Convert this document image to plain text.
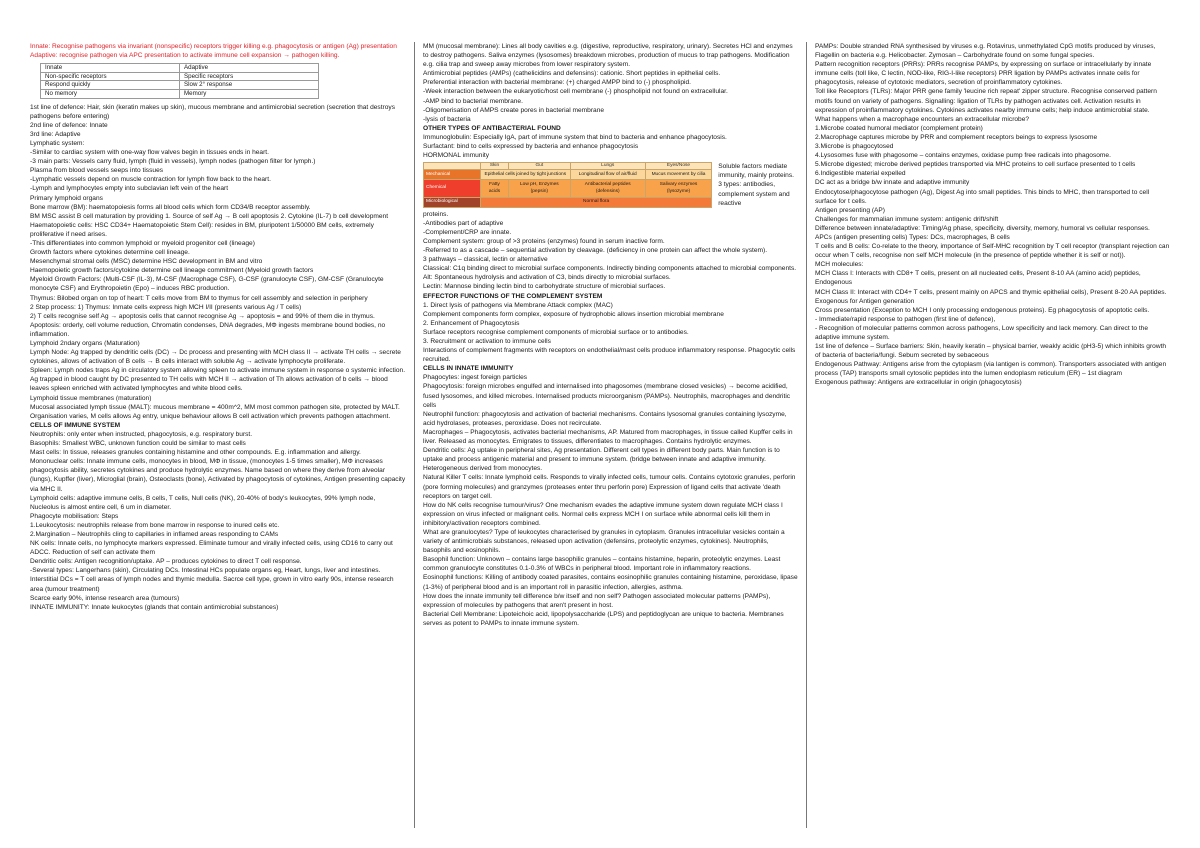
Innate: Recognise pathogens via invariant (nonspecific) receptors trigger killing e.g. phagocytosis or antigen (Ag) presentation

Adaptive: recognise pathogen via APC presentation to activate immune cell expansion → pathogen killing.

Innate	Adaptive
Non-specific receptors	Specific receptors
Respond quickly	Slow 2° response
No memory	Memory

1st line of defence: Hair, skin (keratin makes up skin), mucous membrane and antimicrobial secretion (secretion that destroys pathogens before entering)

2nd line of defence: Innate

3rd line: Adaptive

Lymphatic system:

-Similar to cardiac system with one-way flow valves begin in tissues ends in heart.

-3 main parts: Vessels carry fluid, lymph (fluid in vessels), lymph nodes (pathogen filter for lymph.)

Plasma from blood vessels seeps into tissues

-Lymphatic vessels depend on muscle contraction for lymph flow back to the heart.

-Lymph and lymphocytes empty into subclavian left vein of the heart

Primary lymphoid organs

Bone marrow (BM): haematopoiesis forms all blood cells which form CD34/B receptor assembly.

BM MSC assist B cell maturation by providing 1. Source of self Ag → B cell apoptosis 2. Cytokine (IL-7) b cell development

Haematopoietic cells: HSC CD34+ Haematopoietic Stem Cell): resides in BM, pluripotent 1/50000 BM cells, extremely proliferative if need arises.

-This differentiates into common lymphoid or myeloid progenitor cell (lineage)

Growth factors where cytokines determine cell lineage.

Mesenchymal stromal cells (MSC) determine HSC development in BM and vitro

Haemopoietic growth factors/cytokine determine cell lineage commitment (Myeloid growth factors

Myeloid Growth Factors: (Multi-CSF (IL-3), M-CSF (Macrophage CSF), G-CSF (granulocyte CSF), GM-CSF (Granulocyte monocyte CSF) and Erythropoietin (Epo) – induces RBC production.

Thymus: Bilobed organ on top of heart: T cells move from BM to thymus for cell assembly and selection in periphery

2 Step process: 1) Thymus: Inmate cells express high MCH I/II (presents various Ag / T cells)

2) T cells recognise self Ag → apoptosis cells that cannot recognise Ag → apoptosis = and 99% of them die in thymus.

Apoptosis: orderly, cell volume reduction, Chromatin condenses, DNA degrades, MΦ ingests membrane bound bodies, no inflammation.

Lymphoid 2ndary organs (Maturation)

Lymph Node: Ag trapped by dendritic cells (DC) → Dc process and presenting with MCH class II → activate TH cells → secrete cytokines, allows of activation of B cells → B cells interact with soluble Ag → activate lymphocyte proliferate.

Spleen: Lymph nodes traps Ag in circulatory system allowing spleen to activate immune system in response o systemic infection. Ag trapped in blood caught by DC presented to TH cells with MCH II → activation of Th allows activation of b cells → blood leaves spleen enriched with activated lymphocytes and white blood cells.

Lymphoid tissue membranes (maturation)

Mucosal associated lymph tissue (MALT): mucous membrane = 400m^2, MM most common pathogen site, protected by MALT. Organisation varies, M cells allows Ag entry, unique behaviour allows B cell activation which prevents pathogen attachment.

CELLS OF IMMUNE SYSTEM

Neutrophils: only enter when instructed, phagocytosis, e.g. respiratory burst.

Basophils: Smallest WBC, unknown function could be similar to mast cells

Mast cells: In tissue, releases granules containing histamine and other compounds. E.g. inflammation and allergy.

Mononuclear cells: Innate immune cells, monocytes in blood, MΦ in tissue, (monocytes 1-5 times smaller), MΦ increases phagocytosis ability, secretes cytokines and produce hydrolytic enzymes. Name based on where they derive from alveolar (lungs), Kupffer (liver), Microglial (brain), Osteoclasts (bone), Activated by phagocytosis of cytokines, Antigen presenting capacity via MHC II.

Lymphoid cells: adaptive immune cells, B cells, T cells, Null cells (NK), 20-40% of body's leukocytes, 99% lymph node, Nucleolus is almost entire cell, 6 um in diameter.

Phagocyte mobilisation: Steps

1.Leukocytosis: neutrophils release from bone marrow in response to inured cells etc.

2.Margination – Neutrophils cling to capillaries in inflamed areas responding to CAMs

NK cells: Innate cells, no lymphocyte markers expressed. Eliminate tumour and virally infected cells, using CD16 to carry out ADCC. Reduction of self can activate them

Dendritic cells: Antigen recognition/uptake. AP – produces cytokines to direct T cell response.

-Several types: Langerhans (skin), Circulating DCs. Intestinal HCs populate organs eg, Heart, lungs, liver and intestines. Interstitial DCs = T cell areas of lymph nodes and thymic medulla. Sacrce cell type, grown in vitro early 90s, intense research area (tumour treatment)

Scarce early 90%, intense research area (tumours)

INNATE IMMUNITY: Innate leukocytes (glands that contain antimicrobial substances)

MM (mucosal membrane): Lines all body cavities e.g. (digestive, reproductive, respiratory, urinary). Secretes HCl and enzymes to destroy pathogens. Saliva enzymes (lysosomes) breakdown microbes, production of mucus to trap pathogens. Modification e.g. cilia trap and sweep away microbes from lower respiratory system.

Antimicrobial peptides (AMPs) (cathelicidins and defensins): cationic. Short peptides in epithelial cells.

Preferential interaction with bacterial membrane: (+) charged AMPP bind to (-) phospholipid.

-Week interaction between the eukaryotic/host cell membrane (-) phospholipid not found on extracellular.

-AMP bind to bacterial membrane.

-Oligomerisation of AMPS create pores in bacterial membrane

-lysis of bacteria

OTHER TYPES OF ANTIBACTERIAL FOUND

Immunoglobulin: Especially IgA, part of immune system that bind to bacteria and enhance phagocytosis.

Surfactant: bind to cells expressed by bacteria and enhance phagocytosis

HORMONAL immunity

	Skin	Gut	Lungs	Eyes/Nose
Mechanical	Epithelial cells joined by tight junctions		Longitudinal flow of air/fluid	Mucus movement by cilia
Chemical	Fatty acids	Low pH, Enzymes (pepsin)	Antibacterial peptides (defensins)	Salivary enzymes (lysozyme)
Microbiological	Normal flora			
Soluble factors mediate immunity, mainly proteins. 3 types: antibodies, complement system and reactive

proteins.

-Antibodies part of adaptive

-Complement/CRP are innate.

Complement system: group of >3 proteins (enzymes) found in serum inactive form.

-Referred to as a cascade – sequential activation by cleavage. (deficiency in one protein can affect the whole system).

3 pathways – classical, lectin or alternative

Classical: C1q binding direct to microbial surface components. Indirectly binding components attached to microbial components.

Alt: Spontaneous hydrolysis and activation of C3, binds directly to microbial surfaces.

Lectin: Mannose binding lectin bind to carbohydrate structure of microbial surfaces.

EFFECTOR FUNCTIONS OF THE COMPLEMENT SYSTEM

1. Direct lysis of pathogens via Membrane Attack complex (MAC)

Complement components form complex, exposure of hydrophobic allows insertion microbial membrane

2. Enhancement of Phagocytosis

Surface receptors recognise complement components of microbial surface or to antibodies.

3. Recruitment or activation to immune cells

Interactions of complement fragments with receptors on endothelial/mast cells produce inflammatory response. Phagocytic cells recruited.

CELLS IN INNATE IMMUNITY

Phagocytes: ingest foreign particles

Phagocytosis: foreign microbes engulfed and internalised into phagosomes (membrane closed vesicles) → become acidified, fused lysosomes, and killed microbes. Internalised products microorganism (PAMPs). Neutrophils, macrophages and dendritic cells

Neutrophil function: phagocytosis and activation of bacterial mechanisms. Contains lysosomal granules containing lysozyme, acid hydrolases, proteases, peroxidase. Does not recirculate.

Macrophages – Phagocytosis, activates bacterial mechanisms, AP. Matured from macrophages, in tissue called Kupffer cells in liver. Released as monocytes. Emigrates to tissues, differentiates to macrophages. Contains hydrolytic enzymes.

Dendritic cells: Ag uptake in peripheral sites, Ag presentation. Different cell types in different body parts. Main function is to uptake and process antigenic material and present to immune system. (bridge between innate and adaptive immunity. Heterogeneous derived from monocytes.

Natural Killer T cells: Innate lymphoid cells. Responds to virally infected cells, tumour cells. Contains cytotoxic granules, perforin (pore forming molecules) and granzymes (proteases enter thru perforin pore) Expression of ligand cells that activate 'death receptors on target cell.

How do NK cells recognise tumour/virus? One mechanism evades the adaptive immune system down regulate MCH class I expression on virus infected or malignant cells. Normal cells express MCH I on surface while abnormal cells kill them in inhibitory/activation receptors combined.

What are granulocytes? Type of leukocytes characterised by granules in cytoplasm. Granules intracellular vesicles contain a variety of antimicrobials substances, released upon activation (defensins, proteolytic enzymes, cytokines). Neutrophils, basophils and eosinophils.

Basophil function: Unknown – contains large basophilic granules – contains histamine, heparin, proteolytic enzymes. Least common granulocyte constitutes 0.1-0.3% of WBCs in peripheral blood. Important role in inflammatory reactions.

Eosinophil functions: Killing of antibody coated parasites, contains eosinophilic granules containing histamine, peroxidase, lipase (1-3%) of peripheral blood and is an important roll in parasitic infection, allergies, asthma.

How does the innate immunity tell difference b/w itself and non self? Pathogen associated molecular patterns (PAMPs), expression of molecules by pathogens that aren't present in host.

Bacterial Cell Membrane: Lipoteichoic acid, lipopolysaccharide (LPS) and peptidoglycan are unique to bacteria. Membranes serves as potent to PAMPs to innate immune system.

PAMPs: Double stranded RNA synthesised by viruses e.g. Rotavirus, unmethylated CpG motifs produced by viruses, Flagellin on bacteria e.g. Helicobacter. Zymosan – Carbohydrate found on some fungal species.

Pattern recognition receptors (PRRs): PRRs recognise PAMPs, by expressing on surface or intracellularly by innate immune cells (toll like, C lectin, NOD-like, RIG-I-like receptors) PRR ligation by PAMPs activates innate cells for phagocytosis, release of cytotoxic mediators, secretion of proinflammatory cytokines.

Toll like Receptors (TLRs): Major PRR gene family 'leucine rich repeat' zipper structure. Recognise conserved pattern motifs found on variety of pathogens. Signalling: ligation of TLRs by pathogen activates cell. Activation results in expression of proinflammatory cytokines. Cytokines activates nearby immune cells; help induce antimicrobial state.

What happens when a macrophage encounters an extracellular microbe?

1.Microbe coated humoral mediator (complement protein)

2.Macrophage captures microbe by PRR and complement receptors beings to express lysosome

3.Microbe is phagocytosed

4.Lysosomes fuse with phagosome – contains enzymes, oxidase pump free radicals into phagosome.

5.Microbe digested; microbe derived peptides transported via MHC proteins to cell surface presented to t cells

6.Indigestible material expelled

DC act as a bridge b/w innate and adaptive immunity

Endocytose/phagocytose pathogen (Ag), Digest Ag into small peptides. This binds to MHC, then transported to cell surface for t cells.

Antigen presenting (AP)

Challenges for mammalian immune system: antigenic drift/shift

Difference between innate/adaptive: Timing/Ag phase, specificity, diversity, memory, humoral vs cellular responses.

APCs (antigen presenting cells) Types: DCs, macrophages, B cells

T cells and B cells: Co-relate to the theory, importance of Self-MHC recognition by T cell receptor (transplant rejection can occur when T cells, recognise non self MCH molecule (in the presence of peptide whether it is self or not)).

MCH molecules:

MCH Class I: Interacts with CD8+ T cells, present on all nucleated cells, Present 8-10 AA (amino acid) peptides, Endogenous

MCH Class II: Interact with CD4+ T cells, present mainly on APCS and thymic epithelial cells), Present 8-20 AA peptides. Exogenous for Antigen generation

Cross presentation (Exception to MCH I only processing endogenous proteins). Eg phagocytosis of apoptotic cells.

- Immediate/rapid response to pathogen (first line of defence),

- Recognition of molecular patterns common across pathogens, Low specificity and lack memory. Can direct to the adaptive immune system.

1st line of defence – Surface barriers: Skin, heavily keratin – physical barrier, weakly acidic (pH3-5) which inhibits growth of bacteria of bacteria/fungi. Sebum secreted by sebaceous

Endogenous Pathway: Antigens arise from the cytoplasm (via lantigen is common). Transporters associated with antigen process (TAP) transports small cytosolic peptides into the lumen endoplasm reticulum (ER) – 1st diagram

Exogenous pathway: Antigens are extracellular in origin (phagocytosis)
